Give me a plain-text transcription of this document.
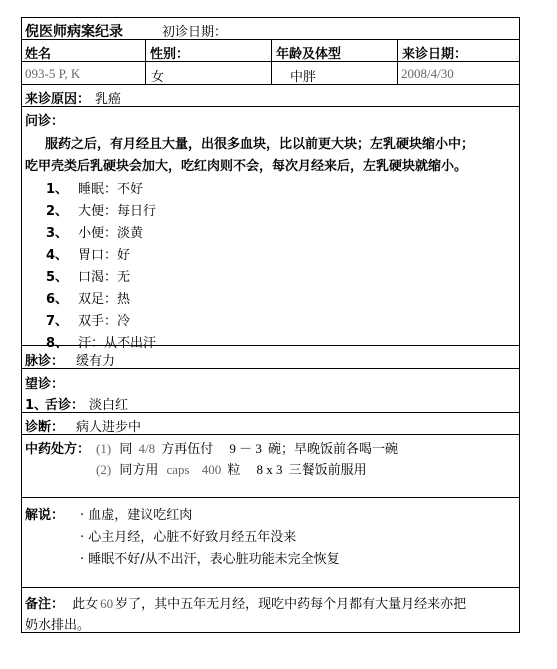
倪医师病案纪录	初诊日期：
姓名	性别：	年龄及体型	来诊日期：
093-5 P, K	女	中胖	2008/4/30
来诊原因： 乳癌
问诊：
服药之后，有月经且大量，出很多血块，比以前更大块；左乳硬块缩小中；
吃甲壳类后乳硬块会加大，吃红肉则不会，每次月经来后，左乳硬块就缩小。
1、 睡眠：不好
2、 大便：每日行
3、 小便：淡黄
4、 胃口：好
5、 口渴：无
6、 双足：热
7、 双手：冷
8、 汗：从不出汗
脉诊： 缓有力
望诊：
1、
舌诊： 淡白红
诊断： 病人进步中
中药处方： (1) 同 4/8 方再伍付 9 － 3 碗；早晚饭前各喝一碗
(2) 同方用 caps 400 粒 8 x 3 三餐饭前服用
解说： · 血虚，建议吃红肉
· 心主月经，心脏不好致月经五年没来
· 睡眠不好/从不出汗，表心脏功能未完全恢复
备注： 此女 60 岁了，其中五年无月经，现吃中药每个月都有大量月经来亦把
奶水排出。
